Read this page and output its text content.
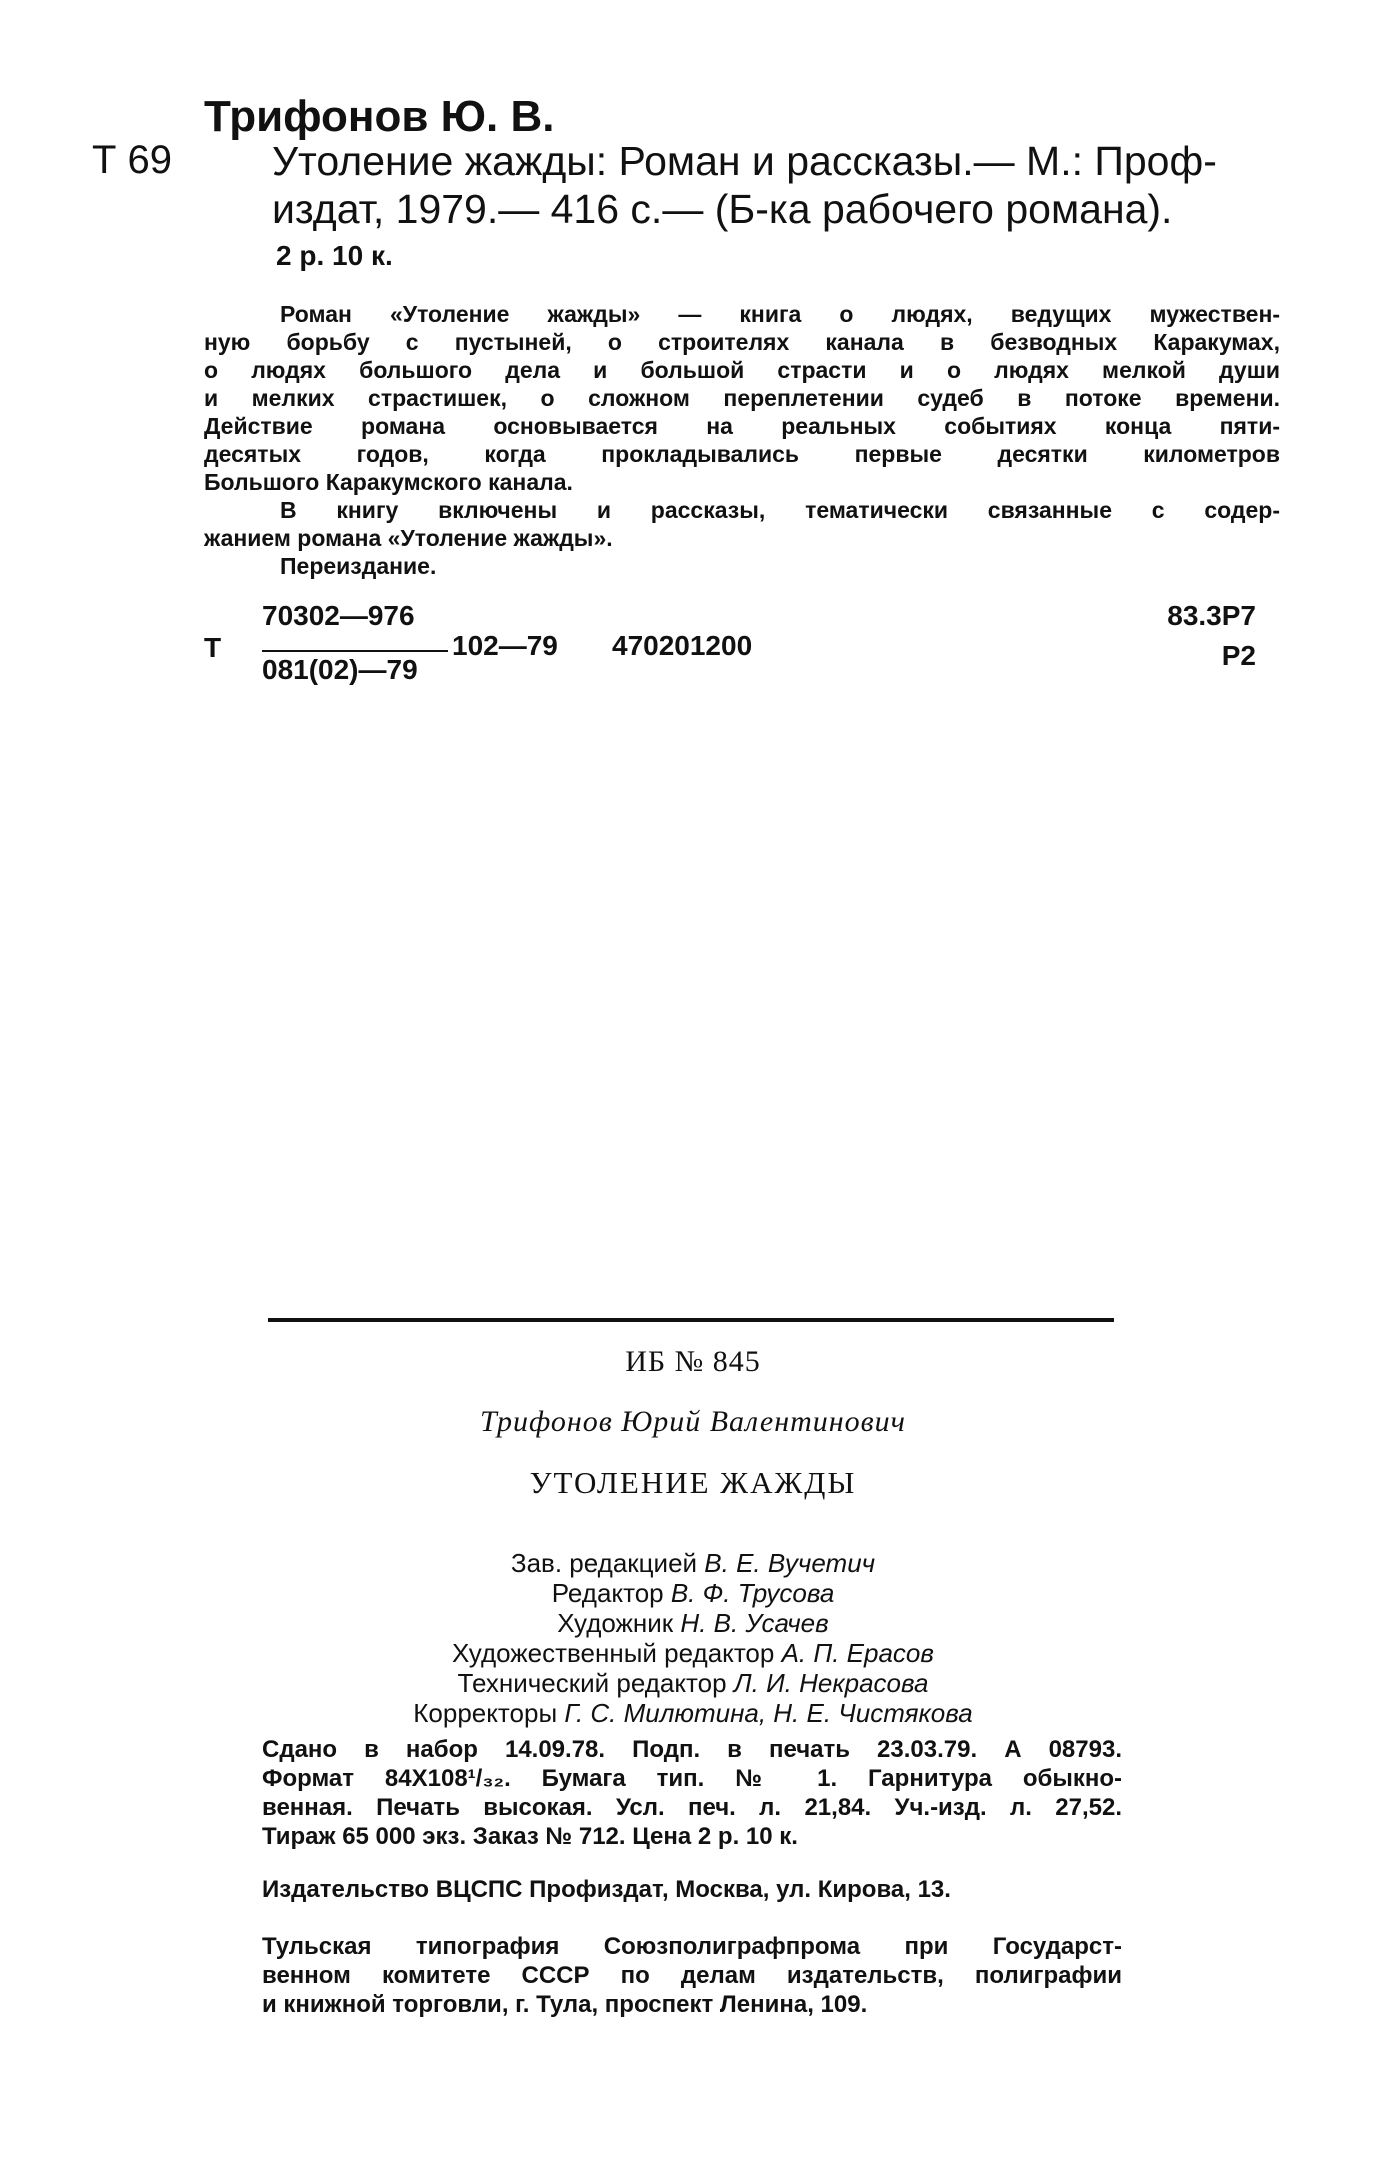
Трифонов Ю. В.
Т 69 Утоление жажды: Роман и рассказы.— М.: Проф-
издат, 1979.— 416 с.— (Б-ка рабочего романа).
2 р. 10 к.

Роман «Утоление жажды» — книга о людях, ведущих мужествен-

ную борьбу с пустыней, о строителях канала в безводных Каракумах,

о людях большого дела и большой страсти и о людях мелкой души

и мелких страстишек, о сложном переплетении судеб в потоке времени.

Действие романа основывается на реальных событиях конца пяти-

десятых годов, когда прокладывались первые десятки километров

Большого Каракумского канала.

В книгу включены и рассказы, тематически связанные с содер-

жанием романа «Утоление жажды».

Переиздание.

Т
70302—976
081(02)—79
102—79 470201200
83.3Р7
Р2
ИБ № 845
Трифонов Юрий Валентинович
УТОЛЕНИЕ ЖАЖДЫ
Зав. редакцией В. Е. Вучетич
Редактор В. Ф. Трусова
Художник Н. В. Усачев
Художественный редактор А. П. Ерасов
Технический редактор Л. И. Некрасова
Корректоры Г. С. Милютина, Н. Е. Чистякова

Сдано в набор 14.09.78. Подп. в печать 23.03.79. А 08793.

Формат 84Х108¹/₃₂. Бумага тип. № 1. Гарнитура обыкно-

венная. Печать высокая. Усл. печ. л. 21,84. Уч.-изд. л. 27,52.

Тираж 65 000 экз. Заказ № 712. Цена 2 р. 10 к.

Издательство ВЦСПС Профиздат, Москва, ул. Кирова, 13.

Тульская типография Союзполиграфпрома при Государст-

венном комитете СССР по делам издательств, полиграфии

и книжной торговли, г. Тула, проспект Ленина, 109.
